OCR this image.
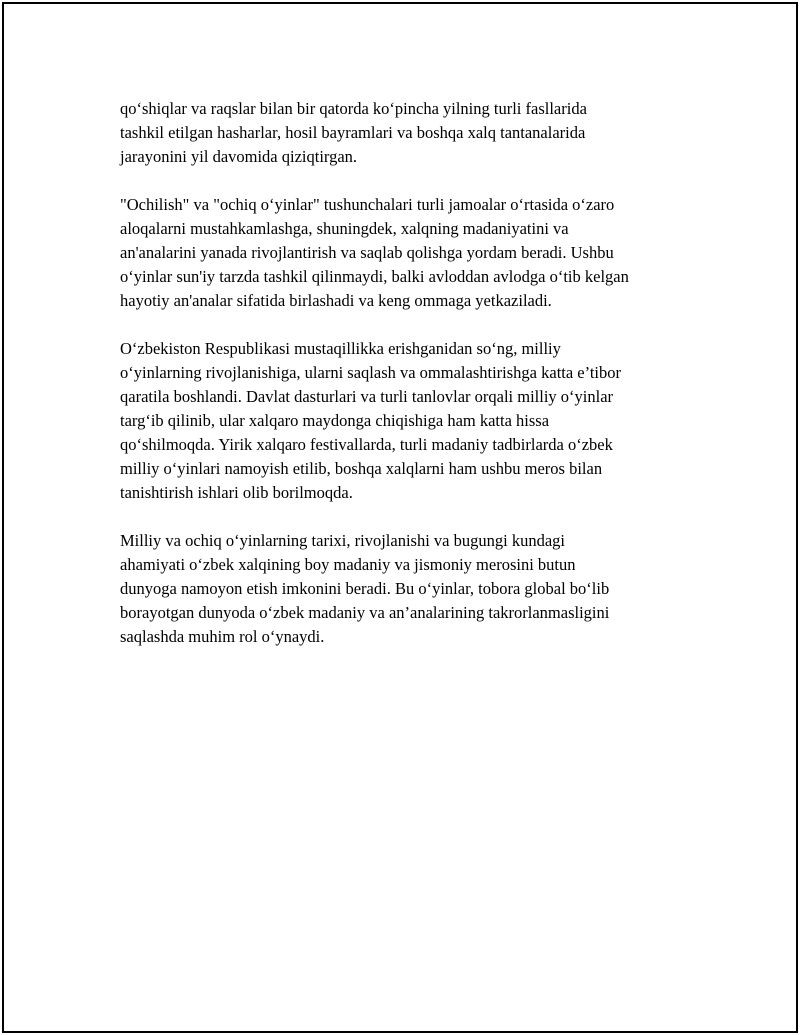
qo‘shiqlar va raqslar bilan bir qatorda ko‘pincha yilning turli fasllarida
tashkil etilgan hasharlar, hosil bayramlari va boshqa xalq tantanalarida
jarayonini yil davomida qiziqtirgan.

"Ochilish" va "ochiq o‘yinlar" tushunchalari turli jamoalar o‘rtasida o‘zaro
aloqalarni mustahkamlashga, shuningdek, xalqning madaniyatini va
an'analarini yanada rivojlantirish va saqlab qolishga yordam beradi. Ushbu
o‘yinlar sun'iy tarzda tashkil qilinmaydi, balki avloddan avlodga o‘tib kelgan
hayotiy an'analar sifatida birlashadi va keng ommaga yetkaziladi.

O‘zbekiston Respublikasi mustaqillikka erishganidan so‘ng, milliy
o‘yinlarning rivojlanishiga, ularni saqlash va ommalashtirishga katta e’tibor
qaratila boshlandi. Davlat dasturlari va turli tanlovlar orqali milliy o‘yinlar
targ‘ib qilinib, ular xalqaro maydonga chiqishiga ham katta hissa
qo‘shilmoqda. Yirik xalqaro festivallarda, turli madaniy tadbirlarda o‘zbek
milliy o‘yinlari namoyish etilib, boshqa xalqlarni ham ushbu meros bilan
tanishtirish ishlari olib borilmoqda.

Milliy va ochiq o‘yinlarning tarixi, rivojlanishi va bugungi kundagi
ahamiyati o‘zbek xalqining boy madaniy va jismoniy merosini butun
dunyoga namoyon etish imkonini beradi. Bu o‘yinlar, tobora global bo‘lib
borayotgan dunyoda o‘zbek madaniy va an’analarining takrorlanmasligini
saqlashda muhim rol o‘ynaydi.
